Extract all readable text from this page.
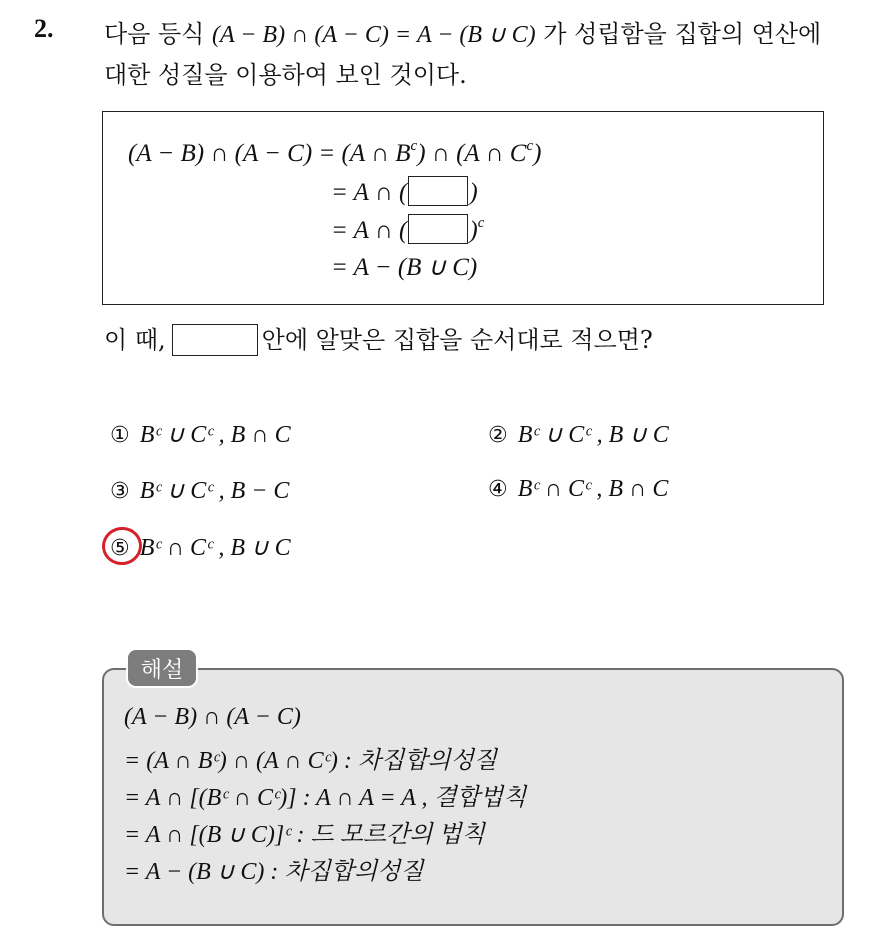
2. 다음 등식 (A − B) ∩ (A − C) = A − (B ∪ C) 가 성립함을 집합의 연산에
대한 성질을 이용하여 보인 것이다.
(A − B) ∩ (A − C) = (A ∩ $B^c$) ∩ (A ∩ $C^c$)
= A ∩ ( )
= A ∩ ( )$^c$
= A − (B ∪ C)
이 때,	안에 알맞은 집합을 순서대로 적으면?
① Bᶜ ∪ Cᶜ , B ∩ C	② Bᶜ ∪ Cᶜ , B ∪ C
③ Bᶜ ∪ Cᶜ , B − C	④ Bᶜ ∩ Cᶜ , B ∩ C
⑤ Bᶜ ∩ Cᶜ , B ∪ C
해설
(A − B) ∩ (A − C)
= (A ∩ Bᶜ) ∩ (A ∩ Cᶜ) : 차집합의성질
= A ∩ [(Bᶜ ∩ Cᶜ)] : A ∩ A = A , 결합법칙
= A ∩ [(B ∪ C)]ᶜ : 드 모르간의 법칙
= A − (B ∪ C) : 차집합의성질
